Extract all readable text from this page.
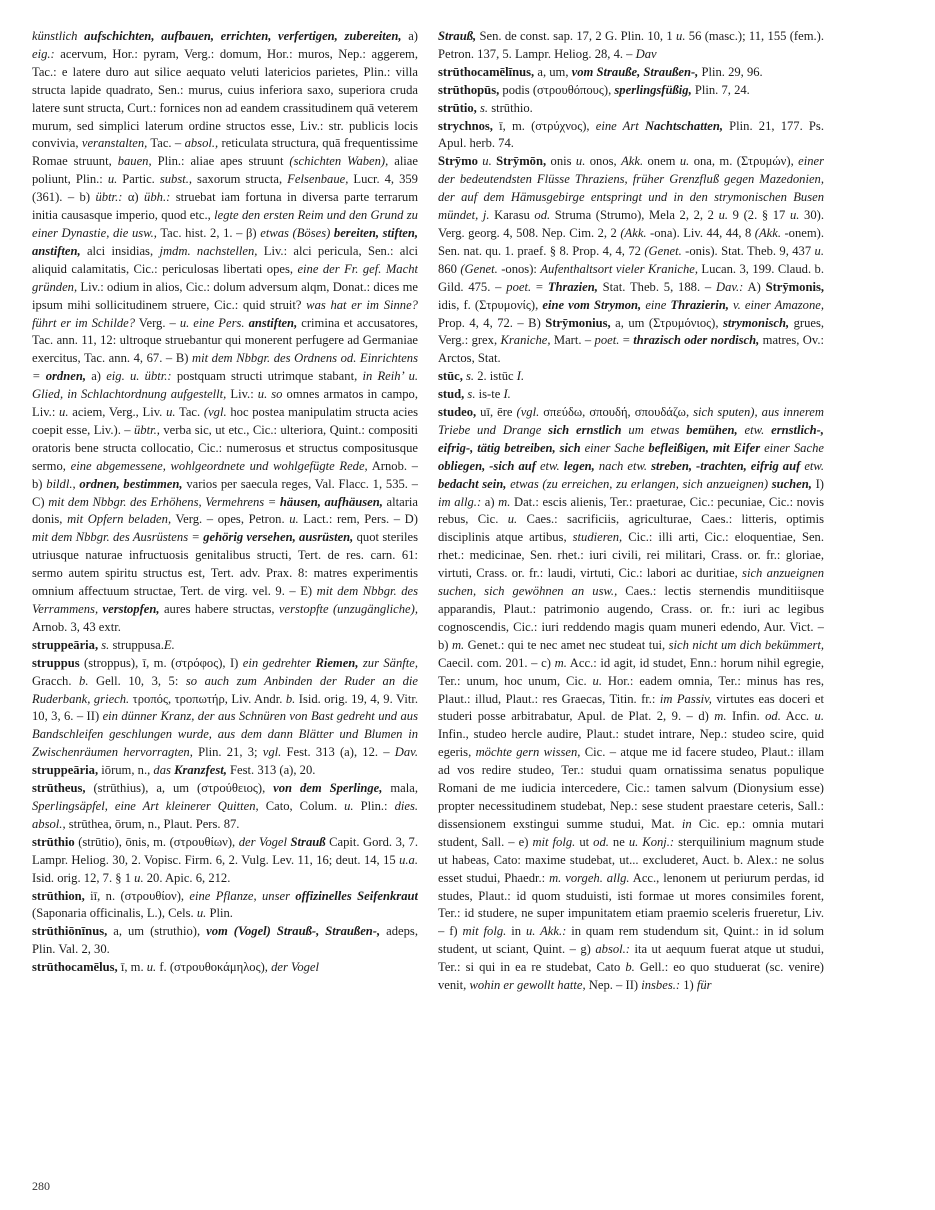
künstlich aufschichten, aufbauen, errichten, verfertigen, zubereiten, a) eig.: acervum, Hor.: pyram, Verg.: domum, Hor.: muros, Nep.: aggerem, Tac.: e latere duro aut silice aequato veluti latericios parietes, Plin.: villa structa lapide quadrato, Sen.: murus, cuius inferiora saxo, superiora cruda latere sunt structa, Curt.: fornices non ad eandem crassitudinem quā veterem murum, sed simplici laterum ordine structos esse, Liv.: str. publicis locis convivia, veranstalten, Tac. – absol., reticulata structura, quā frequentissime Romae struunt, bauen, Plin.: aliae apes struunt (schichten Waben), aliae poliunt, Plin.: u. Partic. subst., saxorum structa, Felsenbaue, Lucr. 4, 359 (361). – b) übtr.: α) übh.: struebat iam fortuna in diversa parte terrarum initia causasque imperio, quod etc., legte den ersten Reim und den Grund zu einer Dynastie, die usw., Tac. hist. 2, 1. – β) etwas (Böses) bereiten, stiften, anstiften, alci insidias, jmdm. nachstellen, Liv.: alci pericula, Sen.: alci aliquid calamitatis, Cic.: periculosas libertati opes, eine der Fr. gef. Macht gründen, Liv.: odium in alios, Cic.: dolum adversum alqm, Donat.: dices me ipsum mihi sollicitudinem struere, Cic.: quid struit? was hat er im Sinne? führt er im Schilde? Verg. – u. eine Pers. anstiften, crimina et accusatores, Tac. ann. 11, 12: ultroque struebantur qui monerent perfugere ad Germaniae exercitus, Tac. ann. 4, 67. – B) mit dem Nbbgr. des Ordnens od. Einrichtens = ordnen, a) eig. u. übtr.: postquam structi utrimque stabant, in Reih’ u. Glied, in Schlachtordnung aufgestellt, Liv.: u. so omnes armatos in campo, Liv.: u. aciem, Verg., Liv. u. Tac. (vgl. hoc postea manipulatim structa acies coepit esse, Liv.). – übtr., verba sic, ut etc., Cic.: ulteriora, Quint.: compositi oratoris bene structa collocatio, Cic.: numerosus et structus compositusque sermo, eine abgemessene, wohlgeordnete und wohlgefügte Rede, Arnob. – b) bildl., ordnen, bestimmen, varios per saecula reges, Val. Flacc. 1, 535. – C) mit dem Nbbgr. des Erhöhens, Vermehrens = häusen, aufhäusen, altaria donis, mit Opfern beladen, Verg. – opes, Petron. u. Lact.: rem, Pers. – D) mit dem Nbbgr. des Ausrüstens = gehörig versehen, ausrüsten, quot steriles utriusque naturae infructuosis genitalibus structi, Tert. de res. carn. 61: sermo autem spiritu structus est, Tert. adv. Prax. 8: matres experimentis omnium affectuum structae, Tert. de virg. vel. 9. – E) mit dem Nbbgr. des Verrammens, verstopfen, aures habere structas, verstopfte (unzugängliche), Arnob. 3, 43 extr.

struppeāria, s. struppusa.E.

struppus (stroppus), ī, m. (στρόφος), I) ein gedrehter Riemen, zur Sänfte, Gracch. b. Gell. 10, 3, 5: so auch zum Anbinden der Ruder an die Ruderbank, griech. τροπός, τροπωτήρ, Liv. Andr. b. Isid. orig. 19, 4, 9. Vitr. 10, 3, 6. – II) ein dünner Kranz, der aus Schnüren von Bast gedreht und aus Bandschleifen geschlungen wurde, aus dem dann Blätter und Blumen in Zwischenräumen hervorragten, Plin. 21, 3; vgl. Fest. 313 (a), 12. – Dav. struppeāria, iōrum, n., das Kranzfest, Fest. 313 (a), 20.

strūtheus, (strūthius), a, um (στρούθειος), von dem Sperlinge, mala, Sperlingsäpfel, eine Art kleinerer Quitten, Cato, Colum. u. Plin.: dies. absol., strūthea, ōrum, n., Plaut. Pers. 87.

strūthio (strūtio), ōnis, m. (στρουθίων), der Vogel Strauß Capit. Gord. 3, 7. Lampr. Heliog. 30, 2. Vopisc. Firm. 6, 2. Vulg. Lev. 11, 16; deut. 14, 15 u.a. Isid. orig. 12, 7. § 1 u. 20. Apic. 6, 212.

strūthion, iī, n. (στρουθίον), eine Pflanze, unser offizinelles Seifenkraut (Saponaria officinalis, L.), Cels. u. Plin.

strūthiōnīnus, a, um (struthio), vom (Vogel) Strauß-, Straußen-, adeps, Plin. Val. 2, 30.

strūthocamēlus, ī, m. u. f. (στρουθοκάμηλος), der Vogel

Strauß, Sen. de const. sap. 17, 2 G. Plin. 10, 1 u. 56 (masc.); 11, 155 (fem.). Petron. 137, 5. Lampr. Heliog. 28, 4. – Dav

strūthocamēlīnus, a, um, vom Strauße, Straußen-, Plin. 29, 96.

strūthopūs, podis (στρουθόπους), sperlingsfüßig, Plin. 7, 24.

strūtio, s. strūthio.

strychnos, ī, m. (στρύχνος), eine Art Nachtschatten, Plin. 21, 177. Ps. Apul. herb. 74.

Strȳmo u. Strȳmōn, onis u. onos, Akk. onem u. ona, m. (Στρυμών), einer der bedeutendsten Flüsse Thraziens, früher Grenzfluß gegen Mazedonien, der auf dem Hämusgebirge entspringt und in den strymonischen Busen mündet, j. Karasu od. Struma (Strumo), Mela 2, 2, 2 u. 9 (2. § 17 u. 30). Verg. georg. 4, 508. Nep. Cim. 2, 2 (Akk. -ona). Liv. 44, 44, 8 (Akk. -onem). Sen. nat. qu. 1. praef. § 8. Prop. 4, 4, 72 (Genet. -onis). Stat. Theb. 9, 437 u. 860 (Genet. -onos): Aufenthaltsort vieler Kraniche, Lucan. 3, 199. Claud. b. Gild. 475. – poet. = Thrazien, Stat. Theb. 5, 188. – Dav.: A) Strȳmonis, idis, f. (Στρυμονίς), eine vom Strymon, eine Thrazierin, v. einer Amazone, Prop. 4, 4, 72. – B) Strȳmonius, a, um (Στρυμόνιος), strymonisch, grues, Verg.: grex, Kraniche, Mart. – poet. = thrazisch oder nordisch, matres, Ov.: Arctos, Stat.

stūc, s. 2. istūc I.

stud, s. is-te I.

studeo, uī, ēre (vgl. σπεύδω, σπουδή, σπουδάζω, sich sputen), aus innerem Triebe und Drange sich ernstlich um etwas bemühen, etw. ernstlich-, eifrig-, tätig betreiben, sich einer Sache befleißigen, mit Eifer einer Sache obliegen, -sich auf etw. legen, nach etw. streben, -trachten, eifrig auf etw. bedacht sein, etwas (zu erreichen, zu erlangen, sich anzueignen) suchen, I) im allg.: a) m. Dat.: escis alienis, Ter.: praeturae, Cic.: pecuniae, Cic.: novis rebus, Cic. u. Caes.: sacrificiis, agriculturae, Caes.: litteris, optimis disciplinis atque artibus, studieren, Cic.: illi arti, Cic.: eloquentiae, Sen. rhet.: medicinae, Sen. rhet.: iuri civili, rei militari, Crass. or. fr.: gloriae, virtuti, Crass. or. fr.: laudi, virtuti, Cic.: labori ac duritiae, sich anzueignen suchen, sich gewöhnen an usw., Caes.: lectis sternendis munditiisque apparandis, Plaut.: patrimonio augendo, Crass. or. fr.: iuri ac legibus cognoscendis, Cic.: iuri reddendo magis quam muneri edendo, Aur. Vict. – b) m. Genet.: qui te nec amet nec studeat tui, sich nicht um dich bekümmert, Caecil. com. 201. – c) m. Acc.: id agit, id studet, Enn.: horum nihil egregie, Ter.: unum, hoc unum, Cic. u. Hor.: eadem omnia, Ter.: minus has res, Plaut.: illud, Plaut.: res Graecas, Titin. fr.: im Passiv, virtutes eas doceri et studeri posse arbitrabatur, Apul. de Plat. 2, 9. – d) m. Infin. od. Acc. u. Infin., studeo hercle audire, Plaut.: studet intrare, Nep.: studeo scire, quid egeris, möchte gern wissen, Cic. – atque me id facere studeo, Plaut.: illam ad vos redire studeo, Ter.: studui quam ornatissima senatus populique Romani de me iudicia intercedere, Cic.: tamen salvum (Dionysium esse) propter necessitudinem studebat, Nep.: sese student praestare ceteris, Sall.: dissensionem exstingui summe studui, Mat. in Cic. ep.: omnia mutari student, Sall. – e) mit folg. ut od. ne u. Konj.: sterquilinium magnum stude ut habeas, Cato: maxime studebat, ut... excluderet, Auct. b. Alex.: ne solus esset studui, Phaedr.: m. vorgeh. allg. Acc., lenonem ut periurum perdas, id studes, Plaut.: id quom studuisti, isti formae ut mores consimiles forent, Ter.: id studere, ne super impunitatem etiam praemio sceleris frueretur, Liv. – f) mit folg. in u. Akk.: in quam rem studendum sit, Quint.: in id solum student, ut sciant, Quint. – g) absol.: ita ut aequum fuerat atque ut studui, Ter.: si qui in ea re studebat, Cato b. Gell.: eo quo studuerat (sc. venire) venit, wohin er gewollt hatte, Nep. – II) insbes.: 1) für

280
